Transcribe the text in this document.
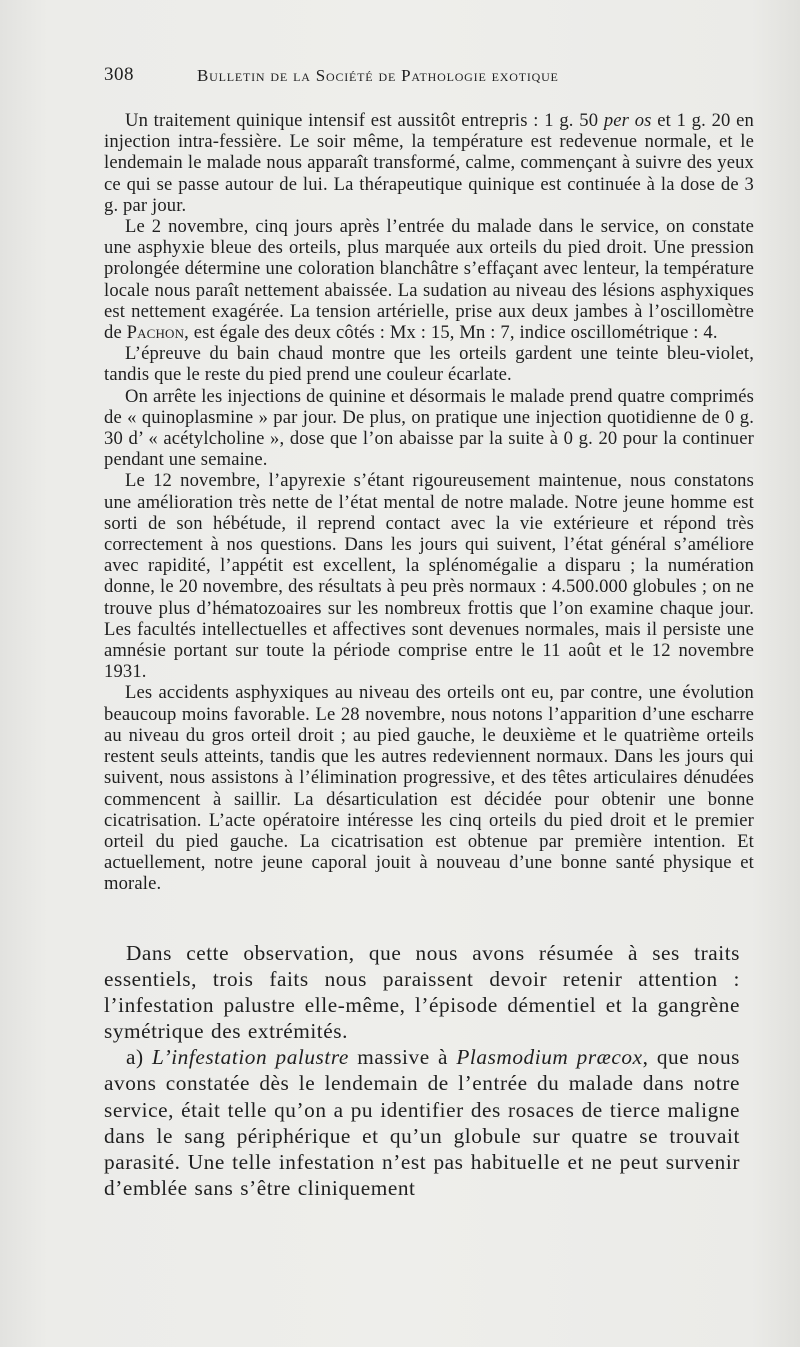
308	Bulletin de la Société de Pathologie exotique

Un traitement quinique intensif est aussitôt entrepris : 1 g. 50 per os et 1 g. 20 en injection intra-fessière. Le soir même, la température est redevenue normale, et le lendemain le malade nous apparaît transformé, calme, commençant à suivre des yeux ce qui se passe autour de lui. La thérapeutique quinique est continuée à la dose de 3 g. par jour.

Le 2 novembre, cinq jours après l’entrée du malade dans le service, on constate une asphyxie bleue des orteils, plus marquée aux orteils du pied droit. Une pression prolongée détermine une coloration blanchâtre s’effaçant avec lenteur, la température locale nous paraît nettement abaissée. La sudation au niveau des lésions asphyxiques est nettement exagérée. La tension artérielle, prise aux deux jambes à l’oscillomètre de Pachon, est égale des deux côtés : Mx : 15, Mn : 7, indice oscillométrique : 4.

L’épreuve du bain chaud montre que les orteils gardent une teinte bleu-violet, tandis que le reste du pied prend une couleur écarlate.

On arrête les injections de quinine et désormais le malade prend quatre comprimés de « quinoplasmine » par jour. De plus, on pratique une injection quotidienne de 0 g. 30 d’ « acétylcholine », dose que l’on abaisse par la suite à 0 g. 20 pour la continuer pendant une semaine.

Le 12 novembre, l’apyrexie s’étant rigoureusement maintenue, nous constatons une amélioration très nette de l’état mental de notre malade. Notre jeune homme est sorti de son hébétude, il reprend contact avec la vie extérieure et répond très correctement à nos questions. Dans les jours qui suivent, l’état général s’améliore avec rapidité, l’appétit est excellent, la splénomégalie a disparu ; la numération donne, le 20 novembre, des résultats à peu près normaux : 4.500.000 globules ; on ne trouve plus d’hématozoaires sur les nombreux frottis que l’on examine chaque jour. Les facultés intellectuelles et affectives sont devenues normales, mais il persiste une amnésie portant sur toute la période comprise entre le 11 août et le 12 novembre 1931.

Les accidents asphyxiques au niveau des orteils ont eu, par contre, une évolution beaucoup moins favorable. Le 28 novembre, nous notons l’apparition d’une escharre au niveau du gros orteil droit ; au pied gauche, le deuxième et le quatrième orteils restent seuls atteints, tandis que les autres redeviennent normaux. Dans les jours qui suivent, nous assistons à l’élimination progressive, et des têtes articulaires dénudées commencent à saillir. La désarticulation est décidée pour obtenir une bonne cicatrisation. L’acte opératoire intéresse les cinq orteils du pied droit et le premier orteil du pied gauche. La cicatrisation est obtenue par première intention. Et actuellement, notre jeune caporal jouit à nouveau d’une bonne santé physique et morale.

Dans cette observation, que nous avons résumée à ses traits essentiels, trois faits nous paraissent devoir retenir attention : l’infestation palustre elle-même, l’épisode démentiel et la gangrène symétrique des extrémités.

a) L’infestation palustre massive à Plasmodium præcox, que nous avons constatée dès le lendemain de l’entrée du malade dans notre service, était telle qu’on a pu identifier des rosaces de tierce maligne dans le sang périphérique et qu’un globule sur quatre se trouvait parasité. Une telle infestation n’est pas habituelle et ne peut survenir d’emblée sans s’être cliniquement
